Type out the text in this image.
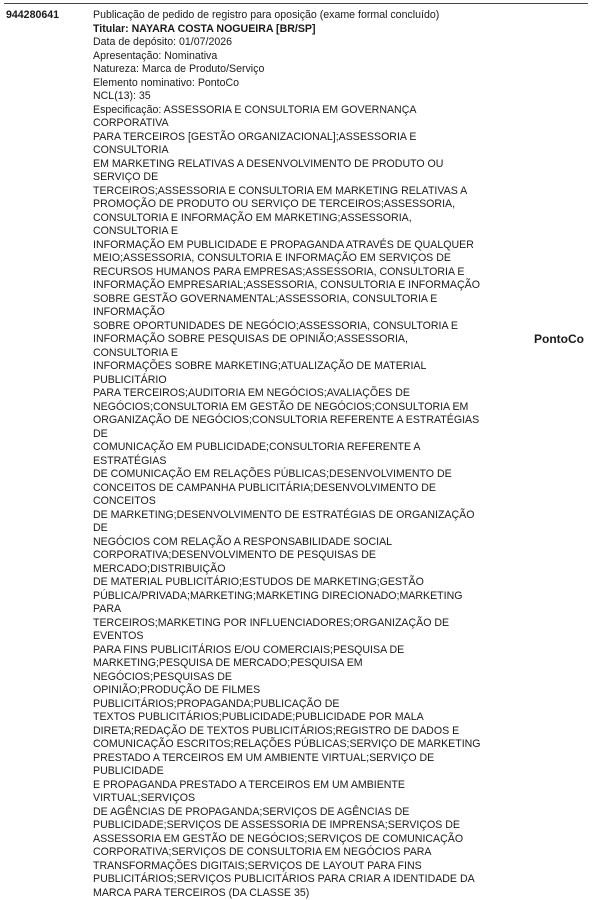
944280641	Publicação de pedido de registro para oposição (exame formal concluído)
Titular: NAYARA COSTA NOGUEIRA [BR/SP]
Data de depósito: 01/07/2026
Apresentação: Nominativa
Natureza: Marca de Produto/Serviço
Elemento nominativo: PontoCo
NCL(13): 35
Especificação: ASSESSORIA E CONSULTORIA EM GOVERNANÇA CORPORATIVA
PARA TERCEIROS [GESTÃO ORGANIZACIONAL];ASSESSORIA E CONSULTORIA
EM MARKETING RELATIVAS A DESENVOLVIMENTO DE PRODUTO OU SERVIÇO DE
TERCEIROS;ASSESSORIA E CONSULTORIA EM MARKETING RELATIVAS A
PROMOÇÃO DE PRODUTO OU SERVIÇO DE TERCEIROS;ASSESSORIA,
CONSULTORIA E INFORMAÇÃO EM MARKETING;ASSESSORIA, CONSULTORIA E
INFORMAÇÃO EM PUBLICIDADE E PROPAGANDA ATRAVÉS DE QUALQUER
MEIO;ASSESSORIA, CONSULTORIA E INFORMAÇÃO EM SERVIÇOS DE
RECURSOS HUMANOS PARA EMPRESAS;ASSESSORIA, CONSULTORIA E
INFORMAÇÃO EMPRESARIAL;ASSESSORIA, CONSULTORIA E INFORMAÇÃO
SOBRE GESTÃO GOVERNAMENTAL;ASSESSORIA, CONSULTORIA E INFORMAÇÃO
SOBRE OPORTUNIDADES DE NEGÓCIO;ASSESSORIA, CONSULTORIA E
INFORMAÇÃO SOBRE PESQUISAS DE OPINIÃO;ASSESSORIA, CONSULTORIA E
INFORMAÇÕES SOBRE MARKETING;ATUALIZAÇÃO DE MATERIAL PUBLICITÁRIO
PARA TERCEIROS;AUDITORIA EM NEGÓCIOS;AVALIAÇÕES DE
NEGÓCIOS;CONSULTORIA EM GESTÃO DE NEGÓCIOS;CONSULTORIA EM
ORGANIZAÇÃO DE NEGÓCIOS;CONSULTORIA REFERENTE A ESTRATÉGIAS DE
COMUNICAÇÃO EM PUBLICIDADE;CONSULTORIA REFERENTE A ESTRATÉGIAS
DE COMUNICAÇÃO EM RELAÇÕES PÚBLICAS;DESENVOLVIMENTO DE
CONCEITOS DE CAMPANHA PUBLICITÁRIA;DESENVOLVIMENTO DE CONCEITOS
DE MARKETING;DESENVOLVIMENTO DE ESTRATÉGIAS DE ORGANIZAÇÃO DE
NEGÓCIOS COM RELAÇÃO A RESPONSABILIDADE SOCIAL
CORPORATIVA;DESENVOLVIMENTO DE PESQUISAS DE MERCADO;DISTRIBUIÇÃO
DE MATERIAL PUBLICITÁRIO;ESTUDOS DE MARKETING;GESTÃO
PÚBLICA/PRIVADA;MARKETING;MARKETING DIRECIONADO;MARKETING PARA
TERCEIROS;MARKETING POR INFLUENCIADORES;ORGANIZAÇÃO DE EVENTOS
PARA FINS PUBLICITÁRIOS E/OU COMERCIAIS;PESQUISA DE
MARKETING;PESQUISA DE MERCADO;PESQUISA EM NEGÓCIOS;PESQUISAS DE
OPINIÃO;PRODUÇÃO DE FILMES PUBLICITÁRIOS;PROPAGANDA;PUBLICAÇÃO DE
TEXTOS PUBLICITÁRIOS;PUBLICIDADE;PUBLICIDADE POR MALA
DIRETA;REDAÇÃO DE TEXTOS PUBLICITÁRIOS;REGISTRO DE DADOS E
COMUNICAÇÃO ESCRITOS;RELAÇÕES PÚBLICAS;SERVIÇO DE MARKETING
PRESTADO A TERCEIROS EM UM AMBIENTE VIRTUAL;SERVIÇO DE PUBLICIDADE
E PROPAGANDA PRESTADO A TERCEIROS EM UM AMBIENTE VIRTUAL;SERVIÇOS
DE AGÊNCIAS DE PROPAGANDA;SERVIÇOS DE AGÊNCIAS DE
PUBLICIDADE;SERVIÇOS DE ASSESSORIA DE IMPRENSA;SERVIÇOS DE
ASSESSORIA EM GESTÃO DE NEGÓCIOS;SERVIÇOS DE COMUNICAÇÃO
CORPORATIVA;SERVIÇOS DE CONSULTORIA EM NEGÓCIOS PARA
TRANSFORMAÇÕES DIGITAIS;SERVIÇOS DE LAYOUT PARA FINS
PUBLICITÁRIOS;SERVIÇOS PUBLICITÁRIOS PARA CRIAR A IDENTIDADE DA
MARCA PARA TERCEIROS (DA CLASSE 35)
PontoCo
